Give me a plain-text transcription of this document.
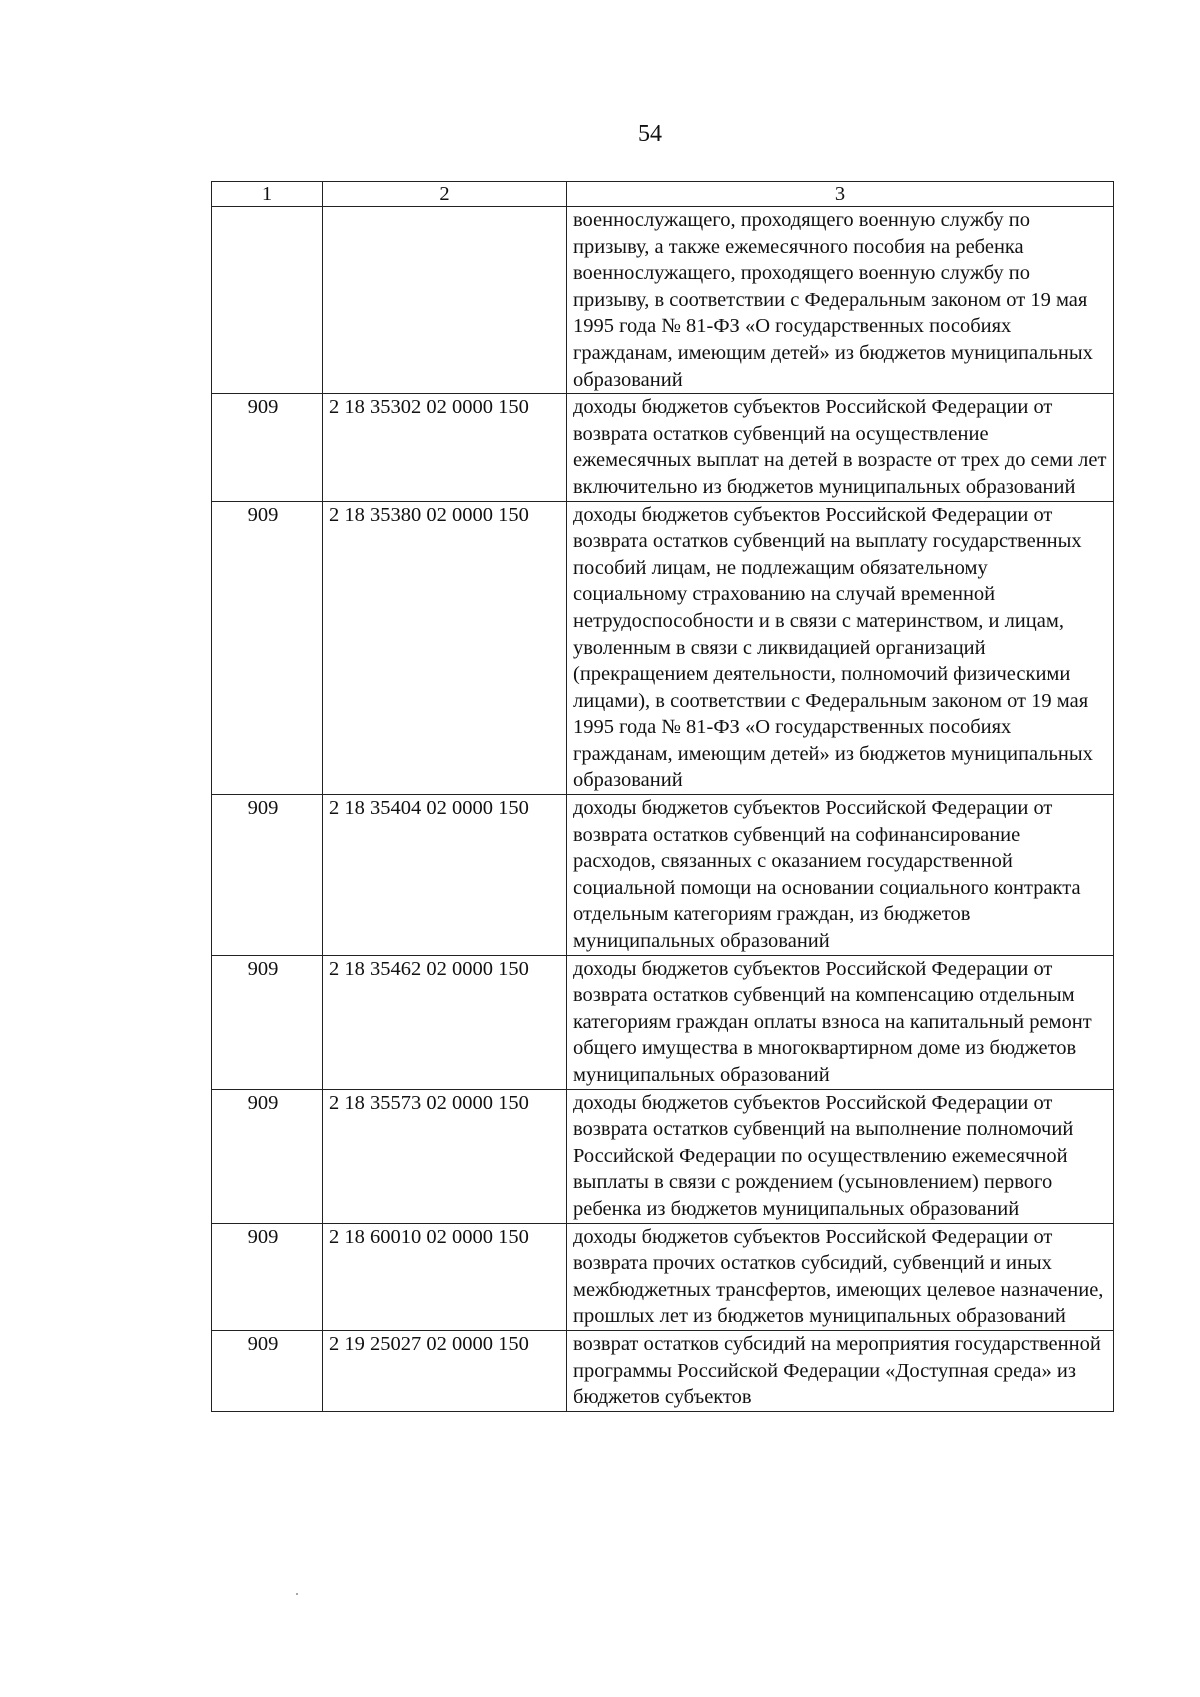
54
1	2	3
		военнослужащего, проходящего военную службу по призыву, а также ежемесячного пособия на ребенка военнослужащего, проходящего военную службу по призыву, в соответствии с Федеральным законом от 19 мая 1995 года № 81-ФЗ «О государственных пособиях гражданам, имеющим детей» из бюджетов муниципальных образований
909	2 18 35302 02 0000 150	доходы бюджетов субъектов Российской Федерации от возврата остатков субвенций на осуществление ежемесячных выплат на детей в возрасте от трех до семи лет включительно из бюджетов муниципальных образований
909	2 18 35380 02 0000 150	доходы бюджетов субъектов Российской Федерации от возврата остатков субвенций на выплату государственных пособий лицам, не подлежащим обязательному социальному страхованию на случай временной нетрудоспособности и в связи с материнством, и лицам, уволенным в связи с ликвидацией организаций (прекращением деятельности, полномочий физическими лицами), в соответствии с Федеральным законом от 19 мая 1995 года № 81-ФЗ «О государственных пособиях гражданам, имеющим детей» из бюджетов муниципальных образований
909	2 18 35404 02 0000 150	доходы бюджетов субъектов Российской Федерации от возврата остатков субвенций на софинансирование расходов, связанных с оказанием государственной социальной помощи на основании социального контракта отдельным категориям граждан, из бюджетов муниципальных образований
909	2 18 35462 02 0000 150	доходы бюджетов субъектов Российской Федерации от возврата остатков субвенций на компенсацию отдельным категориям граждан оплаты взноса на капитальный ремонт общего имущества в многоквартирном доме из бюджетов муниципальных образований
909	2 18 35573 02 0000 150	доходы бюджетов субъектов Российской Федерации от возврата остатков субвенций на выполнение полномочий Российской Федерации по осуществлению ежемесячной выплаты в связи с рождением (усыновлением) первого ребенка из бюджетов муниципальных образований
909	2 18 60010 02 0000 150	доходы бюджетов субъектов Российской Федерации от возврата прочих остатков субсидий, субвенций и иных межбюджетных трансфертов, имеющих целевое назначение, прошлых лет из бюджетов муниципальных образований
909	2 19 25027 02 0000 150	возврат остатков субсидий на мероприятия государственной программы Российской Федерации «Доступная среда» из бюджетов субъектов
